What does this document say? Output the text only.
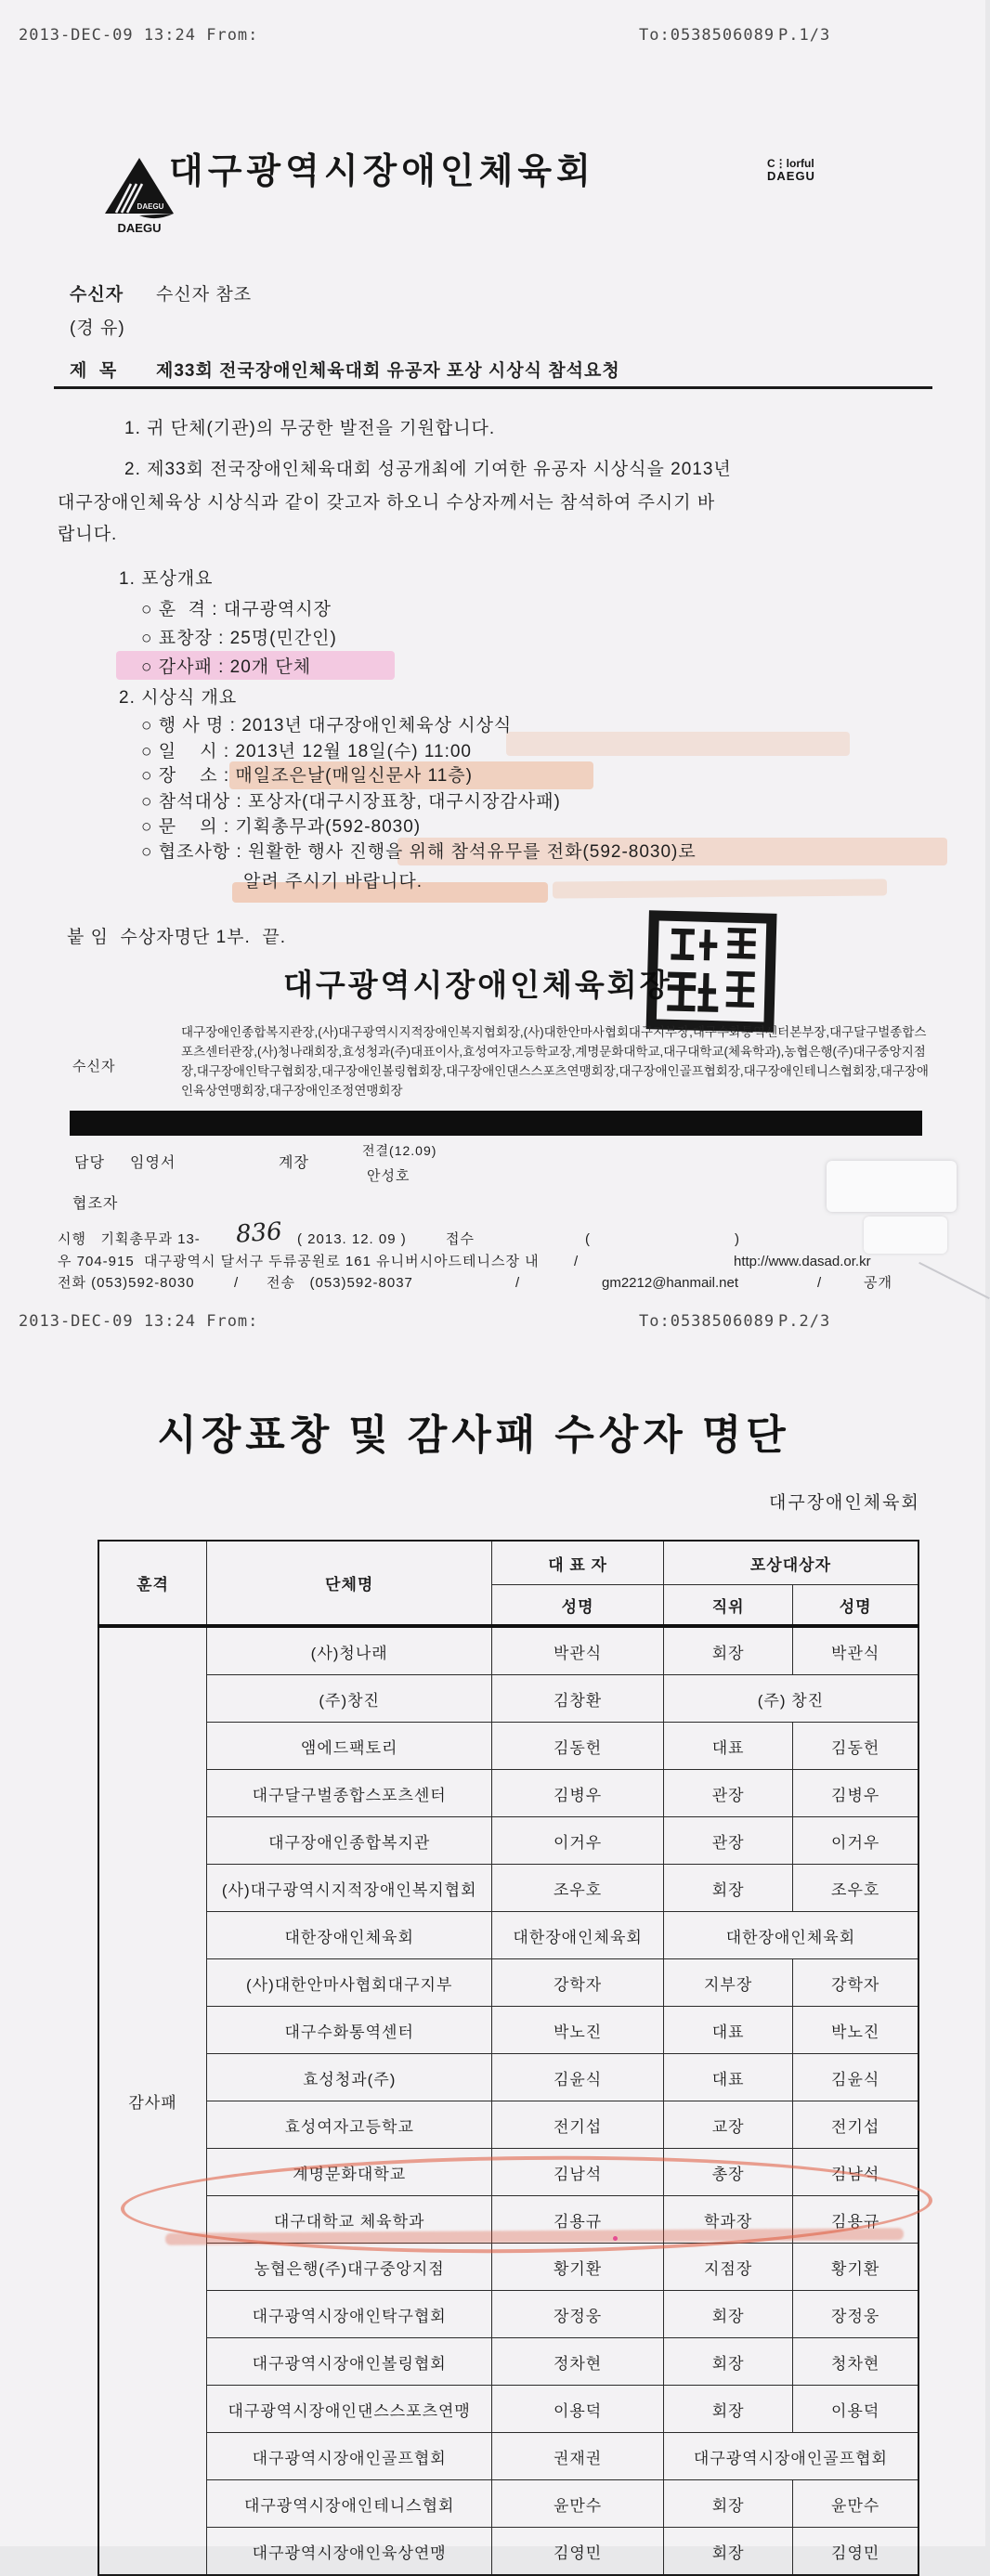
2013-DEC-09 13:24 From:	To:0538506089 P.1/3

DAEGU
DAEGU

대구광역시장애인체육회	C⋮lorful
DAEGU
수신자 수신자 참조
(경 유)
제  목 제33회 전국장애인체육대회 유공자 포상 시상식 참석요청
1. 귀 단체(기관)의 무궁한 발전을 기원합니다.
2. 제33회 전국장애인체육대회 성공개최에 기여한 유공자 시상식을 2013년
대구장애인체육상 시상식과 같이 갖고자 하오니 수상자께서는 참석하여 주시기 바
랍니다.
1. 포상개요
○ 훈  격 : 대구광역시장
○ 표창장 : 25명(민간인)
○ 감사패 : 20개 단체
2. 시상식 개요
○ 행 사 명 : 2013년 대구장애인체육상 시상식
○ 일    시 : 2013년 12월 18일(수) 11:00
○ 장    소 : 매일조은날(매일신문사 11층)
○ 참석대상 : 포상자(대구시장표창, 대구시장감사패)
○ 문    의 : 기획총무과(592-8030)
○ 협조사항 : 원활한 행사 진행을 위해 참석유무를 전화(592-8030)로
알려 주시기 바랍니다.
붙 임  수상자명단 1부.  끝.
대구광역시장애인체육회장
수신자
대구장애인종합복지관장,(사)대구광역시지적장애인복지협회장,(사)대한안마사협회대구지부장,대구수화통역센터본부장,대구달구벌종합스포츠센터관장,(사)청나래회장,효성청과(주)대표이사,효성여자고등학교장,계명문화대학교,대구대학교(체육학과),농협은행(주)대구중앙지점장,대구장애인탁구협회장,대구장애인볼링협회장,대구장애인댄스스포츠연맹회장,대구장애인골프협회장,대구장애인테니스협회장,대구장애인육상연맹회장,대구장애인조정연맹회장
담당 임영서	계장
전결(12.09)
안성호
협조자
시행   기획총무과 13- 836 ( 2013. 12. 09 )	접수	(                              )
우 704-915  대구광역시 달서구 두류공원로 161 유니버시아드테니스장 내 /	http://www.dasad.or.kr
전화 (053)592-8030	/ 전송   (053)592-8037	/	gm2212@hanmail.net	/	공개
2013-DEC-09 13:24 From:	To:0538506089 P.2/3
시장표창 및 감사패 수상자 명단
대구장애인체육회
훈격	단체명	대 표 자	포상대상자	
		성명	직위	성명
감사패	(사)청나래	박관식	회장	박관식
	(주)창진	김창환	(주) 창진	
	앰에드팩토리	김동헌	대표	김동헌
	대구달구벌종합스포츠센터	김병우	관장	김병우
	대구장애인종합복지관	이거우	관장	이거우
	(사)대구광역시지적장애인복지협회	조우호	회장	조우호
	대한장애인체육회	대한장애인체육회	대한장애인체육회	
	(사)대한안마사협회대구지부	강학자	지부장	강학자
	대구수화통역센터	박노진	대표	박노진
	효성청과(주)	김윤식	대표	김윤식
	효성여자고등학교	전기섭	교장	전기섭
	계명문화대학교	김남석	총장	김남석
	대구대학교 체육학과	김용규	학과장	김용규
	농협은행(주)대구중앙지점	황기환	지점장	황기환
	대구광역시장애인탁구협회	장정웅	회장	장정웅
	대구광역시장애인볼링협회	정차현	회장	청차현
	대구광역시장애인댄스스포츠연맹	이용덕	회장	이용덕
	대구광역시장애인골프협회	권재권	대구광역시장애인골프협회	
	대구광역시장애인테니스협회	윤만수	회장	윤만수
	대구광역시장애인육상연맹	김영민	회장	김영민
